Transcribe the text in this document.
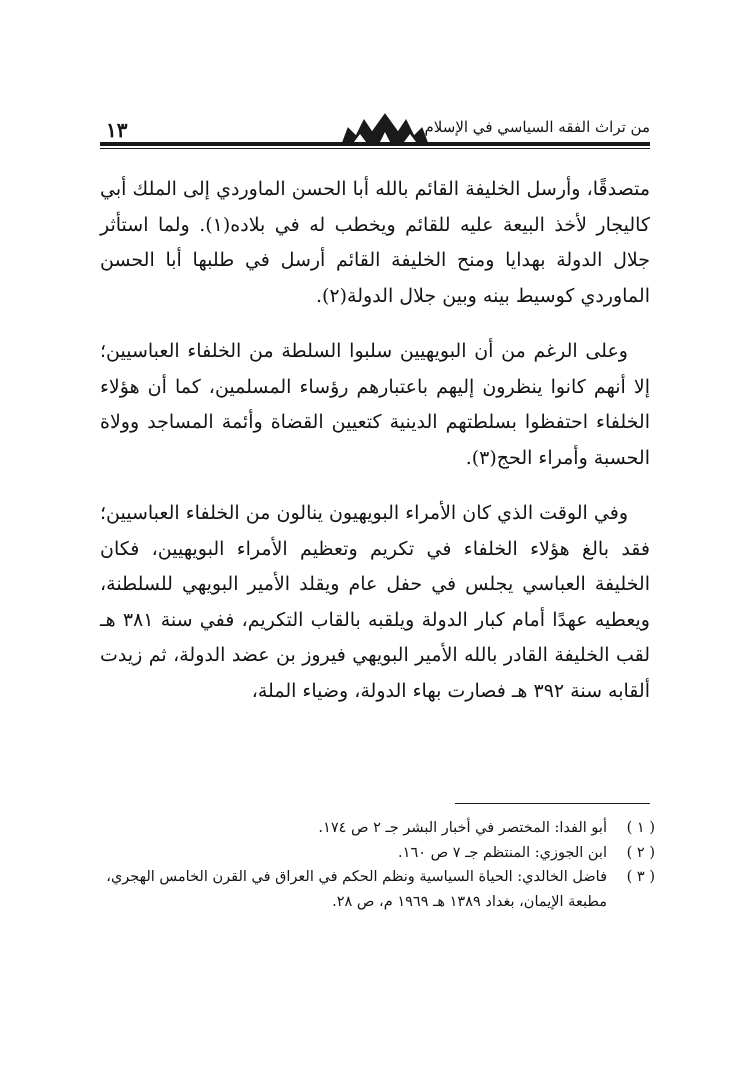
١٣	من تراث الفقه السياسي في الإسلام

متصدقًا، وأرسل الخليفة القائم بالله أبا الحسن الماوردي إلى الملك أبي كاليجار لأخذ البيعة عليه للقائم ويخطب له في بلاده(١). ولما استأثر جلال الدولة بهدايا ومنح الخليفة القائم أرسل في طلبها أبا الحسن الماوردي كوسيط بينه وبين جلال الدولة(٢).

وعلى الرغم من أن البويهيين سلبوا السلطة من الخلفاء العباسيين؛ إلا أنهم كانوا ينظرون إليهم باعتبارهم رؤساء المسلمين، كما أن هؤلاء الخلفاء احتفظوا بسلطتهم الدينية كتعيين القضاة وأئمة المساجد وولاة الحسبة وأمراء الحج(٣).

وفي الوقت الذي كان الأمراء البويهيون ينالون من الخلفاء العباسيين؛ فقد بالغ هؤلاء الخلفاء في تكريم وتعظيم الأمراء البويهيين، فكان الخليفة العباسي يجلس في حفل عام ويقلد الأمير البويهي للسلطنة، ويعطيه عهدًا أمام كبار الدولة ويلقبه بالقاب التكريم، ففي سنة ٣٨١ هـ لقب الخليفة القادر بالله الأمير البويهي فيروز بن عضد الدولة، ثم زيدت ألقابه سنة ٣٩٢ هـ فصارت بهاء الدولة، وضياء الملة،

( ١ )
أبو الفدا: المختصر في أخبار البشر جـ ٢ ص ١٧٤.

( ٢ )
ابن الجوزي: المنتظم جـ ٧ ص ١٦٠.

( ٣ )
فاضل الخالدي: الحياة السياسية ونظم الحكم في العراق في القرن الخامس الهجري، مطبعة الإيمان، بغداد ١٣٨٩ هـ ١٩٦٩ م، ص ٢٨.
